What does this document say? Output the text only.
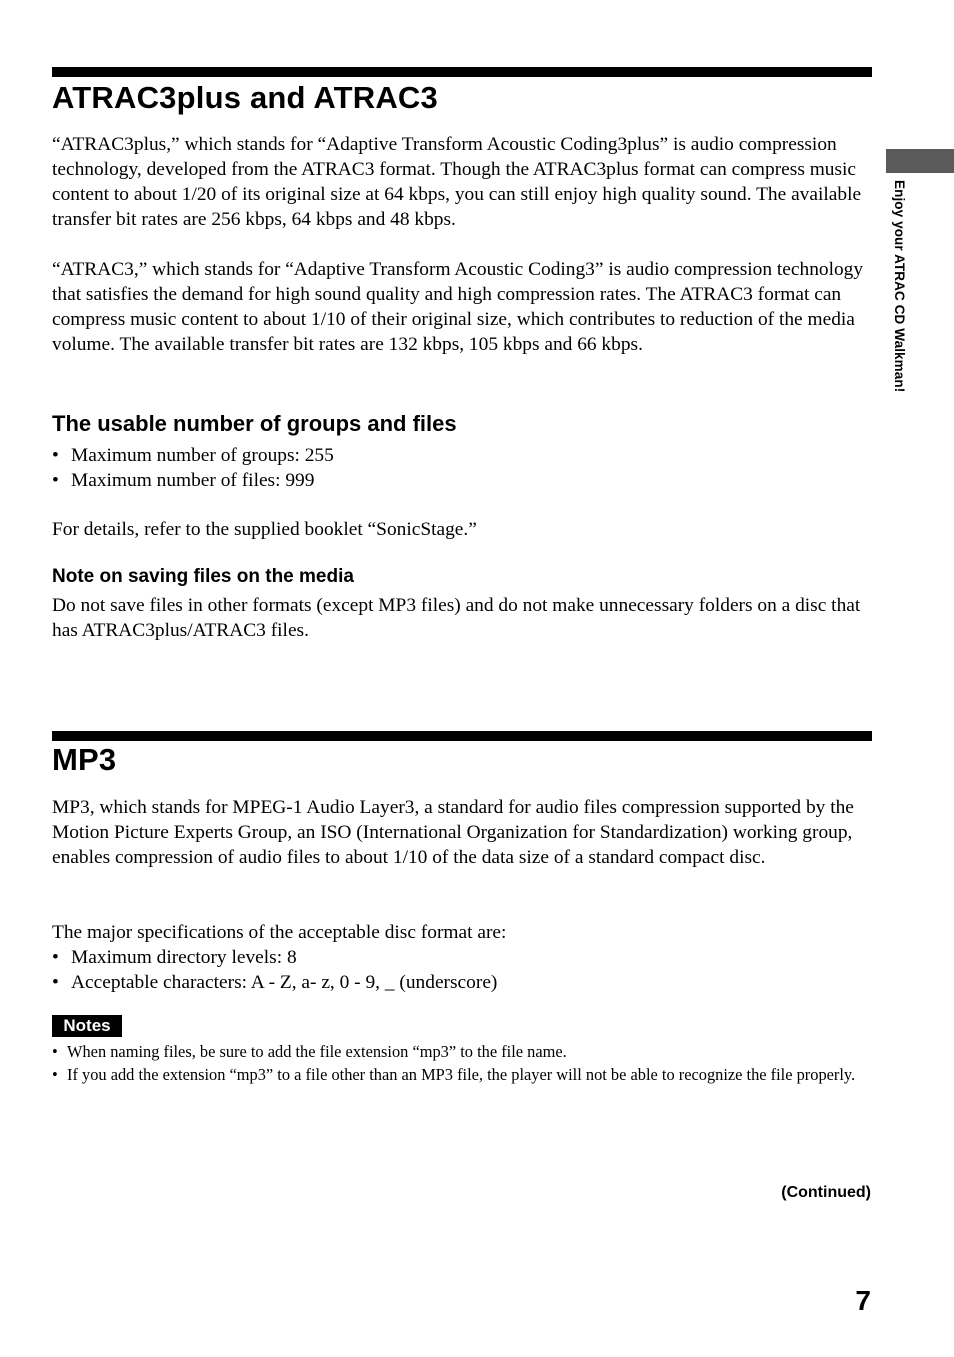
Enjoy your ATRAC CD Walkman!
ATRAC3plus and ATRAC3

“ATRAC3plus,” which stands for “Adaptive Transform Acoustic Coding3plus” is audio compression technology, developed from the ATRAC3 format. Though the ATRAC3plus format can compress music content to about 1/20 of its original size at 64 kbps, you can still enjoy high quality sound. The available transfer bit rates are 256 kbps, 64 kbps and 48 kbps.

“ATRAC3,” which stands for “Adaptive Transform Acoustic Coding3” is audio compression technology that satisfies the demand for high sound quality and high compression rates. The ATRAC3 format can compress music content to about 1/10 of their original size, which contributes to reduction of the media volume. The available transfer bit rates are 132 kbps, 105 kbps and 66 kbps.

The usable number of groups and files
• Maximum number of groups: 255
• Maximum number of files: 999

For details, refer to the supplied booklet “SonicStage.”

Note on saving files on the media

Do not save files in other formats (except MP3 files) and do not make unnecessary folders on a disc that has ATRAC3plus/ATRAC3 files.

MP3

MP3, which stands for MPEG-1 Audio Layer3, a standard for audio files compression supported by the Motion Picture Experts Group, an ISO (International Organization for Standardization) working group, enables compression of audio files to about 1/10 of the data size of a standard compact disc.

The major specifications of the acceptable disc format are:

• Maximum directory levels: 8
• Acceptable characters: A - Z, a- z, 0 - 9, _ (underscore)
Notes
• When naming files, be sure to add the file extension “mp3” to the file name.
• If you add the extension “mp3” to a file other than an MP3 file, the player will not be able to recognize the file properly.
(Continued)
7
